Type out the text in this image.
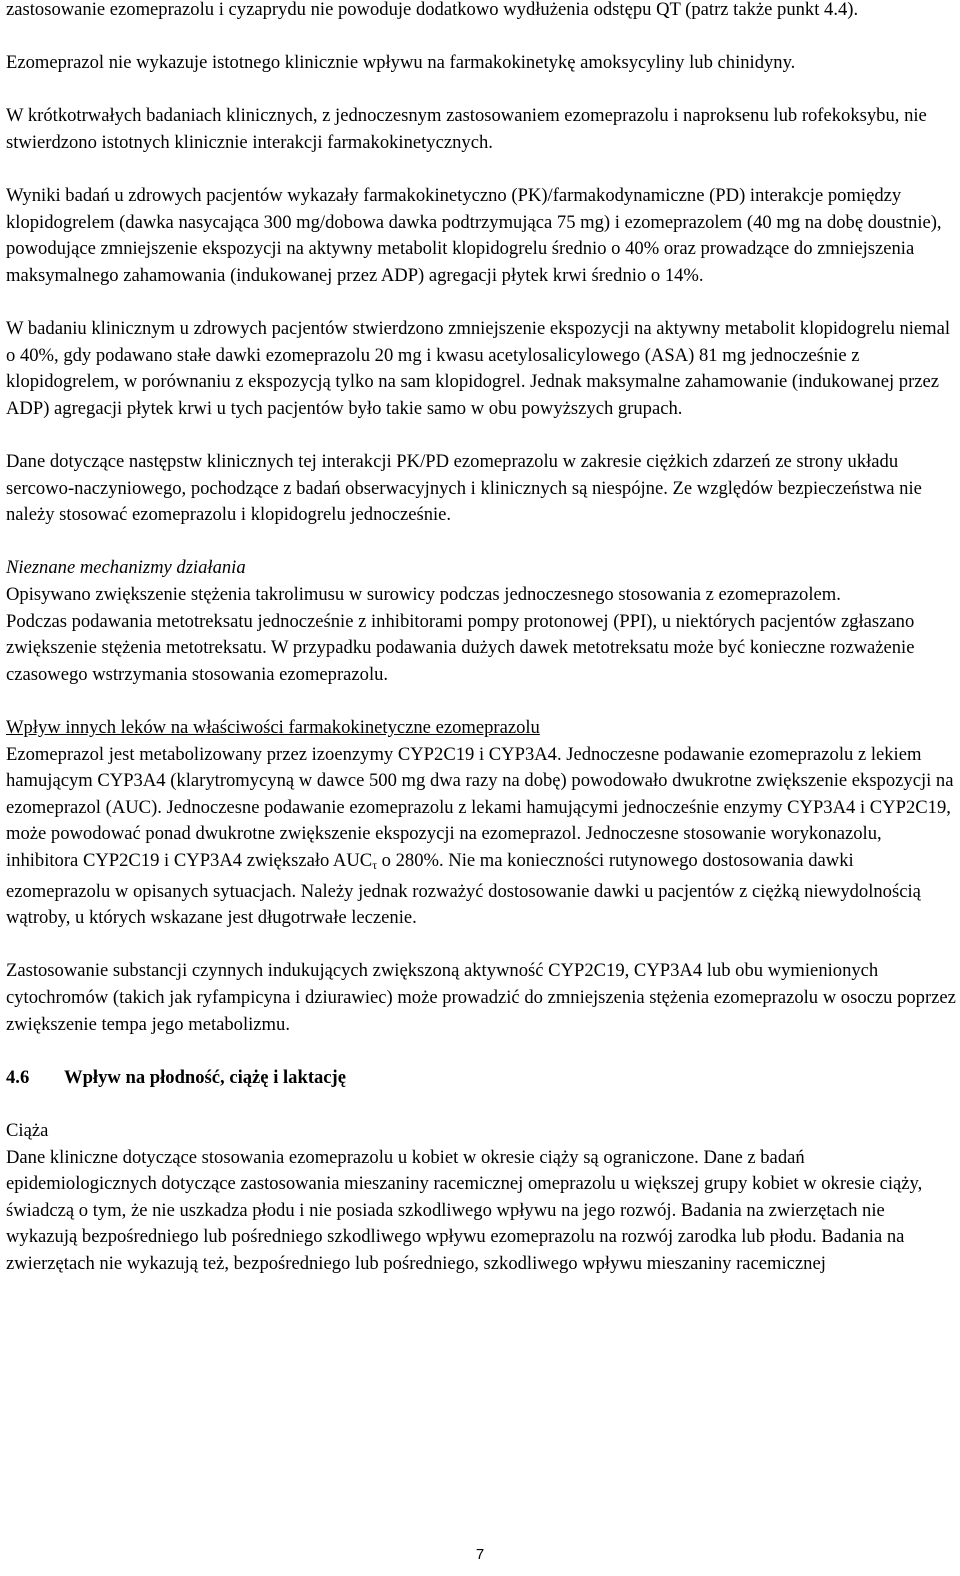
zastosowanie ezomeprazolu i cyzaprydu nie powoduje dodatkowo wydłużenia odstępu QT (patrz także punkt 4.4).

Ezomeprazol nie wykazuje istotnego klinicznie wpływu na farmakokinetykę amoksycyliny lub chinidyny.

W krótkotrwałych badaniach klinicznych, z jednoczesnym zastosowaniem ezomeprazolu i naproksenu lub rofekoksybu, nie stwierdzono istotnych klinicznie interakcji farmakokinetycznych.

Wyniki badań u zdrowych pacjentów wykazały farmakokinetyczno (PK)/farmakodynamiczne (PD) interakcje pomiędzy klopidogrelem (dawka nasycająca 300 mg/dobowa dawka podtrzymująca 75 mg) i ezomeprazolem (40 mg na dobę doustnie), powodujące zmniejszenie ekspozycji na aktywny metabolit klopidogrelu średnio o 40% oraz prowadzące do zmniejszenia maksymalnego zahamowania (indukowanej przez ADP) agregacji płytek krwi średnio o 14%.

W badaniu klinicznym u zdrowych pacjentów stwierdzono zmniejszenie ekspozycji na aktywny metabolit klopidogrelu niemal o 40%, gdy podawano stałe dawki ezomeprazolu 20 mg i kwasu acetylosalicylowego (ASA) 81 mg jednocześnie z klopidogrelem, w porównaniu z ekspozycją tylko na sam klopidogrel. Jednak maksymalne zahamowanie (indukowanej przez ADP) agregacji płytek krwi u tych pacjentów było takie samo w obu powyższych grupach.

Dane dotyczące następstw klinicznych tej interakcji PK/PD ezomeprazolu w zakresie ciężkich zdarzeń ze strony układu sercowo-naczyniowego, pochodzące z badań obserwacyjnych i klinicznych są niespójne. Ze względów bezpieczeństwa nie należy stosować ezomeprazolu i klopidogrelu jednocześnie.

Nieznane mechanizmy działania

Opisywano zwiększenie stężenia takrolimusu w surowicy podczas jednoczesnego stosowania z ezomeprazolem.

Podczas podawania metotreksatu jednocześnie z inhibitorami pompy protonowej (PPI), u niektórych pacjentów zgłaszano zwiększenie stężenia metotreksatu. W przypadku podawania dużych dawek metotreksatu może być konieczne rozważenie czasowego wstrzymania stosowania ezomeprazolu.

Wpływ innych leków na właściwości farmakokinetyczne ezomeprazolu

Ezomeprazol jest metabolizowany przez izoenzymy CYP2C19 i CYP3A4. Jednoczesne podawanie ezomeprazolu z lekiem hamującym CYP3A4 (klarytromycyną w dawce 500 mg dwa razy na dobę) powodowało dwukrotne zwiększenie ekspozycji na ezomeprazol (AUC). Jednoczesne podawanie ezomeprazolu z lekami hamującymi jednocześnie enzymy CYP3A4 i CYP2C19, może powodować ponad dwukrotne zwiększenie ekspozycji na ezomeprazol. Jednoczesne stosowanie worykonazolu, inhibitora CYP2C19 i CYP3A4 zwiększało $AUC_\tau$ o 280%. Nie ma konieczności rutynowego dostosowania dawki ezomeprazolu w opisanych sytuacjach. Należy jednak rozważyć dostosowanie dawki u pacjentów z ciężką niewydolnością wątroby, u których wskazane jest długotrwałe leczenie.

Zastosowanie substancji czynnych indukujących zwiększoną aktywność CYP2C19, CYP3A4 lub obu wymienionych cytochromów (takich jak ryfampicyna i dziurawiec) może prowadzić do zmniejszenia stężenia ezomeprazolu w osoczu poprzez zwiększenie tempa jego metabolizmu.

4.6 Wpływ na płodność, ciążę i laktację

Ciąża

Dane kliniczne dotyczące stosowania ezomeprazolu u kobiet w okresie ciąży są ograniczone. Dane z badań epidemiologicznych dotyczące zastosowania mieszaniny racemicznej omeprazolu u większej grupy kobiet w okresie ciąży, świadczą o tym, że nie uszkadza płodu i nie posiada szkodliwego wpływu na jego rozwój. Badania na zwierzętach nie wykazują bezpośredniego lub pośredniego szkodliwego wpływu ezomeprazolu na rozwój zarodka lub płodu. Badania na zwierzętach nie wykazują też, bezpośredniego lub pośredniego, szkodliwego wpływu mieszaniny racemicznej

7
